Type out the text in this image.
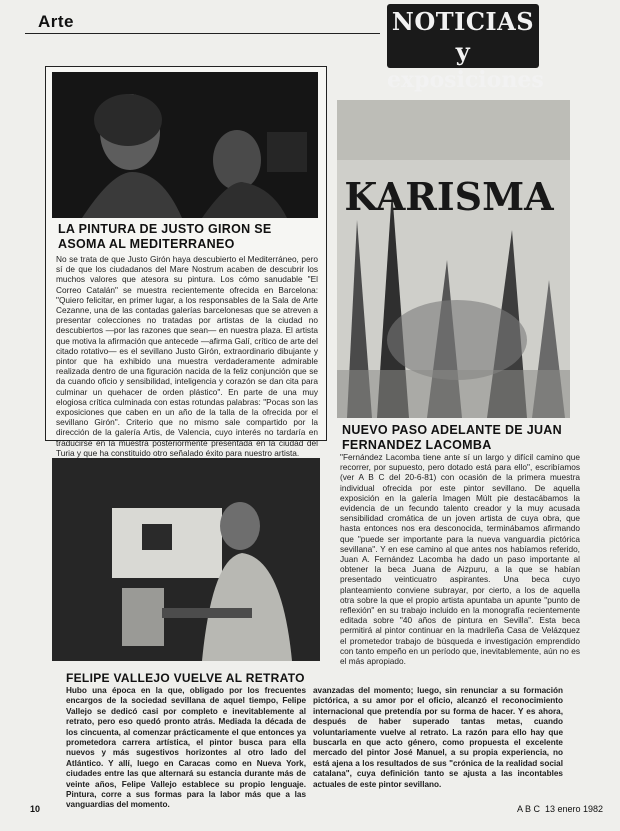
Arte	NOTICIAS y
exposiciones
LA PINTURA DE JUSTO GIRON SE ASOMA AL MEDITERRANEO
No se trata de que Justo Girón haya descubierto el Mediterráneo, pero sí de que los ciudadanos del Mare Nostrum acaben de descubrir los muchos valores que atesora su pintura. Los cómo sanudable "El Correo Catalán" se muestra recientemente ofrecida en Barcelona: "Quiero felicitar, en primer lugar, a los responsables de la Sala de Arte Cezanne, una de las contadas galerías barcelonesas que se atreven a presentar colecciones no tratadas por artistas de la ciudad no descubiertos —por las razones que sean— en nuestra plaza. El artista que motiva la afirmación que antecede —afirma Galí, crítico de arte del citado rotativo— es el sevillano Justo Girón, extraordinario dibujante y pintor que ha exhibido una muestra verdaderamente admirable realizada dentro de una figuración nacida de la feliz conjunción que se da cuando oficio y sensibilidad, inteligencia y corazón se dan cita para culminar un quehacer de orden plástico". En parte de una muy elogiosa crítica culminada con estas rotundas palabras: "Pocas son las exposiciones que caben en un año de la talla de la ofrecida por el sevillano Girón". Criterio que no mismo sale compartido por la dirección de la galería Artis, de Valencia, cuyo interés no tardaría en traducirse en la muestra posteriormente presentada en la ciudad del Turia y que ha constituido otro señalado éxito para nuestro artista.
KARISMA
NUEVO PASO ADELANTE DE JUAN FERNANDEZ LACOMBA
"Fernández Lacomba tiene ante sí un largo y difícil camino que recorrer, por supuesto, pero dotado está para ello", escribíamos (ver A B C del 20-6-81) con ocasión de la primera muestra individual ofrecida por este pintor sevillano. De aquella exposición en la galería Imagen Múlt pie destacábamos la evidencia de un fecundo talento creador y la muy acusada sensibilidad cromática de un joven artista de cuya obra, que hasta entonces nos era desconocida, terminábamos afirmando que "puede ser importante para la nueva vanguardia pictórica sevillana". Y en ese camino al que antes nos habíamos referido, Juan A. Fernández Lacomba ha dado un paso importante al obtener la beca Juana de Aizpuru, a la que se habían presentado veinticuatro aspirantes. Una beca cuyo planteamiento conviene subrayar, por cierto, a los de aquella otra sobre la que el propio artista apuntaba un apunte "punto de reflexión" en su trabajo incluido en la monografía recientemente editada sobre "40 años de pintura en Sevilla". Esta beca permitirá al pintor continuar en la madrileña Casa de Velázquez el prometedor trabajo de búsqueda e investigación emprendido con tanto empeño en un período que, inevitablemente, aún no es el más apropiado.
FELIPE VALLEJO VUELVE AL RETRATO
Hubo una época en la que, obligado por los frecuentes encargos de la sociedad sevillana de aquel tiempo, Felipe Vallejo se dedicó casi por completo e inevitablemente al retrato, pero eso quedó pronto atrás. Mediada la década de los cincuenta, al comenzar prácticamente el que entonces ya prometedora carrera artística, el pintor busca para ella nuevos y más sugestivos horizontes al otro lado del Atlántico. Y allí, luego en Caracas como en Nueva York, ciudades entre las que alternará su estancia durante más de veinte años, Felipe Vallejo establece su propio lenguaje. Pintura, corre a sus formas para la labor más que a las vanguardias del momento.
avanzadas del momento; luego, sin renunciar a su formación pictórica, a su amor por el oficio, alcanzó el reconocimiento internacional que pretendía por su forma de hacer. Y es ahora, después de haber superado tantas metas, cuando voluntariamente vuelve al retrato. La razón para ello hay que buscarla en que acto género, como propuesta el excelente mercado del pintor José Manuel, a su propia experiencia, no está ajena a los resultados de sus "crónica de la realidad social catalana", cuya definición tanto se ajusta a las incontables actuales de este pintor sevillano.
10	A B C 13 enero 1982
